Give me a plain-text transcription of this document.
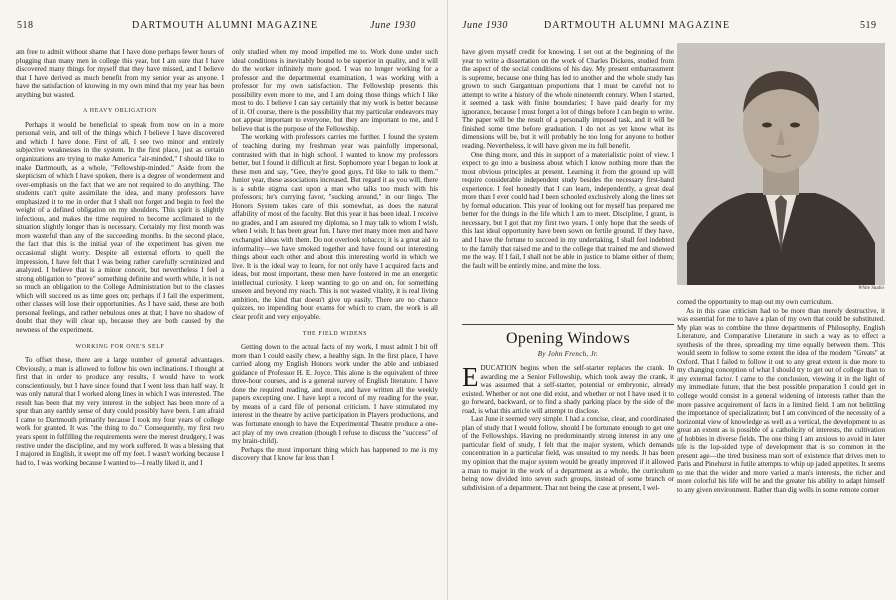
518	DARTMOUTH ALUMNI MAGAZINE	June 1930

am free to admit without shame that I have done perhaps fewer hours of plugging than many men in college this year, but I am sure that I have discovered many things for myself that they have missed, and I believe that I have derived as much benefit from my senior year as anyone. I have the satisfaction of knowing in my own mind that my year has been anything but wasted.

A HEAVY OBLIGATION

Perhaps it would be beneficial to speak from now on in a more personal vein, and tell of the things which I believe I have discovered and which I have done. First of all, I see two minor and entirely subjective weaknesses in the system. In the first place, just as certain organizations are trying to make America "air-minded," I should like to make Dartmouth, as a whole, "Fellowship-minded." Aside from the skepticism of which I have spoken, there is a degree of wonderment and over-emphasis on the fact that we are not required to do anything. The students can't quite assimilate the idea, and many professors have emphasized it to me in order that I shall not forget and begin to feel the weight of a defined obligation on my shoulders. This spirit is slightly infectious, and makes the time required to become acclimated to the situation slightly longer than is necessary. Certainly my first month was more wasteful than any of the succeeding months. In the second place, the fact that this is the initial year of the experiment has given me occasional slight worry. Despite all external efforts to quell the impression, I have felt that I was being rather carefully scrutinized and analyzed. I believe that is a minor conceit, but nevertheless I feel a strong obligation to "prove" something definite and worth while, it is not so much an obligation to the College Administration but to the classes which will succeed us as time goes on; perhaps if I fail the experiment, other classes will lose their opportunities. As I have said, these are both personal feelings, and rather nebulous ones at that; I have no shadow of doubt that they will clear up, because they are both caused by the newness of the experiment.

WORKING FOR ONE'S SELF

To offset these, there are a large number of general advantages. Obviously, a man is allowed to follow his own inclinations. I thought at first that in order to produce any results, I would have to work conscientiously, but I have since found that I went less than half way. It was only natural that I worked along lines in which I was interested. The result has been that my very interest in the subject has been more of a spur than any earthly sense of duty could possibly have been. I am afraid I came to Dartmouth primarily because I took my four years of college work for granted. It was "the thing to do." Consequently, my first two years spent in fulfilling the requirements were the merest drudgery, I was restive under the discipline, and my work suffered. It was a blessing that I majored in English, it swept me off my feet. I wasn't working because I had to, I was working because I wanted to—I really liked it, and I

only studied when my mood impelled me to. Work done under such ideal conditions is inevitably bound to be superior in quality, and it will do the worker infinitely more good. I was no longer working for a professor and the departmental examination, I was working with a professor for my own satisfaction. The Fellowship presents this possibility even more to me, and I am doing those things which I like most to do. I believe I can say certainly that my work is better because of it. Of course, there is the possibility that my particular endeavors may not appear important to everyone, but they are important to me, and I believe that is the purpose of the Fellowship.

The working with professors carries me further. I found the system of teaching during my freshman year was painfully impersonal, contrasted with that in high school. I wanted to know my professors better, but I found it difficult at first. Sophomore year I began to look at these men and say, "Gee, they're good guys, I'd like to talk to them." Junior year, these associations increased. But regard it as you will, there is a subtle stigma cast upon a man who talks too much with his professors; he's currying favor, "sucking around," in our lingo. The Honors System takes care of this somewhat, as does the natural affability of most of the faculty. But this year it has been ideal. I receive no grades, and I am assured my diploma, so I may talk to whom I wish, when I wish. It has been great fun. I have met many more men and have exchanged ideas with them. Do not overlook tobacco; it is a great aid to informality—we have smoked together and have found out interesting things about each other and about this interesting world in which we live. It is the ideal way to learn, for not only have I acquired facts and ideas, but most important, these men have fostered in me an energetic intellectual curiosity. I keep wanting to go on and on, for something unseen and beyond my reach. This is not wasted vitality, it is real living ambition, the kind that doesn't give up easily. There are no chance quizzes, no impending hour exams for which to cram, the work is all clear profit and very enjoyable.

THE FIELD WIDENS

Getting down to the actual facts of my work, I must admit I bit off more than I could easily chew, a healthy sign. In the first place, I have carried along my English Honors work under the able and unbiased guidance of Professor H. E. Joyce. This alone is the equivalent of three three-hour courses, and is a general survey of English literature. I have done the required reading, and more, and have written all the weekly papers excepting one. I have kept a record of my reading for the year, by means of a card file of personal criticism. I have stimulated my interest in the theatre by active participation in Players productions, and was fortunate enough to have the Experimental Theatre produce a one-act play of my own creation (though I refuse to discuss the "success" of my brain-child).

Perhaps the most important thing which has happened to me is my discovery that I know far less than I

June 1930	DARTMOUTH ALUMNI MAGAZINE	519

have given myself credit for knowing. I set out at the beginning of the year to write a dissertation on the work of Charles Dickens, studied from the aspect of the social conditions of his day. My present embarrassment is supreme, because one thing has led to another and the whole study has grown to such Gargantuan proportions that I must be careful not to attempt to write a history of the whole nineteenth century. When I started, it seemed a task with finite boundaries; I have paid dearly for my ignorance, because I must forget a lot of things before I can begin to write. The paper will be the result of a personally imposed task, and it will be finished some time before graduation. I do not as yet know what its dimensions will be, but it will probably be too long for anyone to bother reading. Nevertheless, it will have given me its full benefit.

One thing more, and this in support of a materialistic point of view. I expect to go into a business about which I know nothing more than the most obvious principles at present. Learning it from the ground up will require considerable independent study besides the necessary first-hand experience. I feel honestly that I can learn, independently, a great deal more than I ever could had I been schooled exclusively along the lines set by formal education. This year of looking out for myself has prepared me better for the things in the life which I am to meet. Discipline, I grant, is necessary, but I got that my first two years. I only hope that the seeds of this last ideal opportunity have been sown on fertile ground. If they have, and I have the fortune to succeed in my undertaking, I shall feel indebted to the family that raised me and to the college that trained me and showed me the way. If I fail, I shall not be able in justice to blame either of them; the fault will be entirely mine, and mine the loss.

Opening Windows
By John French, Jr.

EDUCATION begins when the self-starter replaces the crank. In awarding me a Senior Fellowship, which took away the crank, it was assumed that a self-starter, potential or embryonic, already existed. Whether or not one did exist, and whether or not I have used it to go forward, backward, or to find a shady parking place by the side of the road, is what this article will attempt to disclose.

Last June it seemed very simple. I had a concise, clear, and coordinated plan of study that I would follow, should I be fortunate enough to get one of the Fellowships. Having no predominantly strong interest in any one particular field of study, I felt that the major system, which demands concentration in a particular field, was unsuited to my needs. It has been my opinion that the major system would be greatly improved if it allowed a man to major in the work of a department as a whole, the curriculum being now divided into seven such groups, instead of some branch or subdivision of a department. That not being the case at present, I wel-

White Studio

comed the opportunity to map out my own curriculum.

As in this case criticism had to be more than merely destructive, it was essential for me to have a plan of my own that could be substituted. My plan was to combine the three departments of Philosophy, English Literature, and Comparative Literature in such a way as to effect a synthesis of the three, spreading my time equally between them. This would seem to follow to some extent the idea of the modern "Greats" at Oxford. That I failed to follow it out to any great extent is due more to my changing conception of what I should try to get out of college than to any external factor. I came to the conclusion, viewing it in the light of my immediate future, that the best possible preparation I could get in college would consist in a general widening of interests rather than the more passive acquirement of facts in a limited field. I am not belittling the importance of specialization; but I am convinced of the necessity of a horizontal view of knowledge as well as a vertical, the development to as great an extent as is possible of a catholicity of interests, the cultivation of hobbies in diverse fields. The one thing I am anxious to avoid in later life is the lop-sided type of development that is so common in the present age—the tired business man sort of existence that drives men to Paris and Pinehurst in futile attempts to whip up jaded appetites. It seems to me that the wider and more varied a man's interests, the richer and more colorful his life will be and the greater his ability to adapt himself to any given environment. Rather than dig wells in some remote corner
